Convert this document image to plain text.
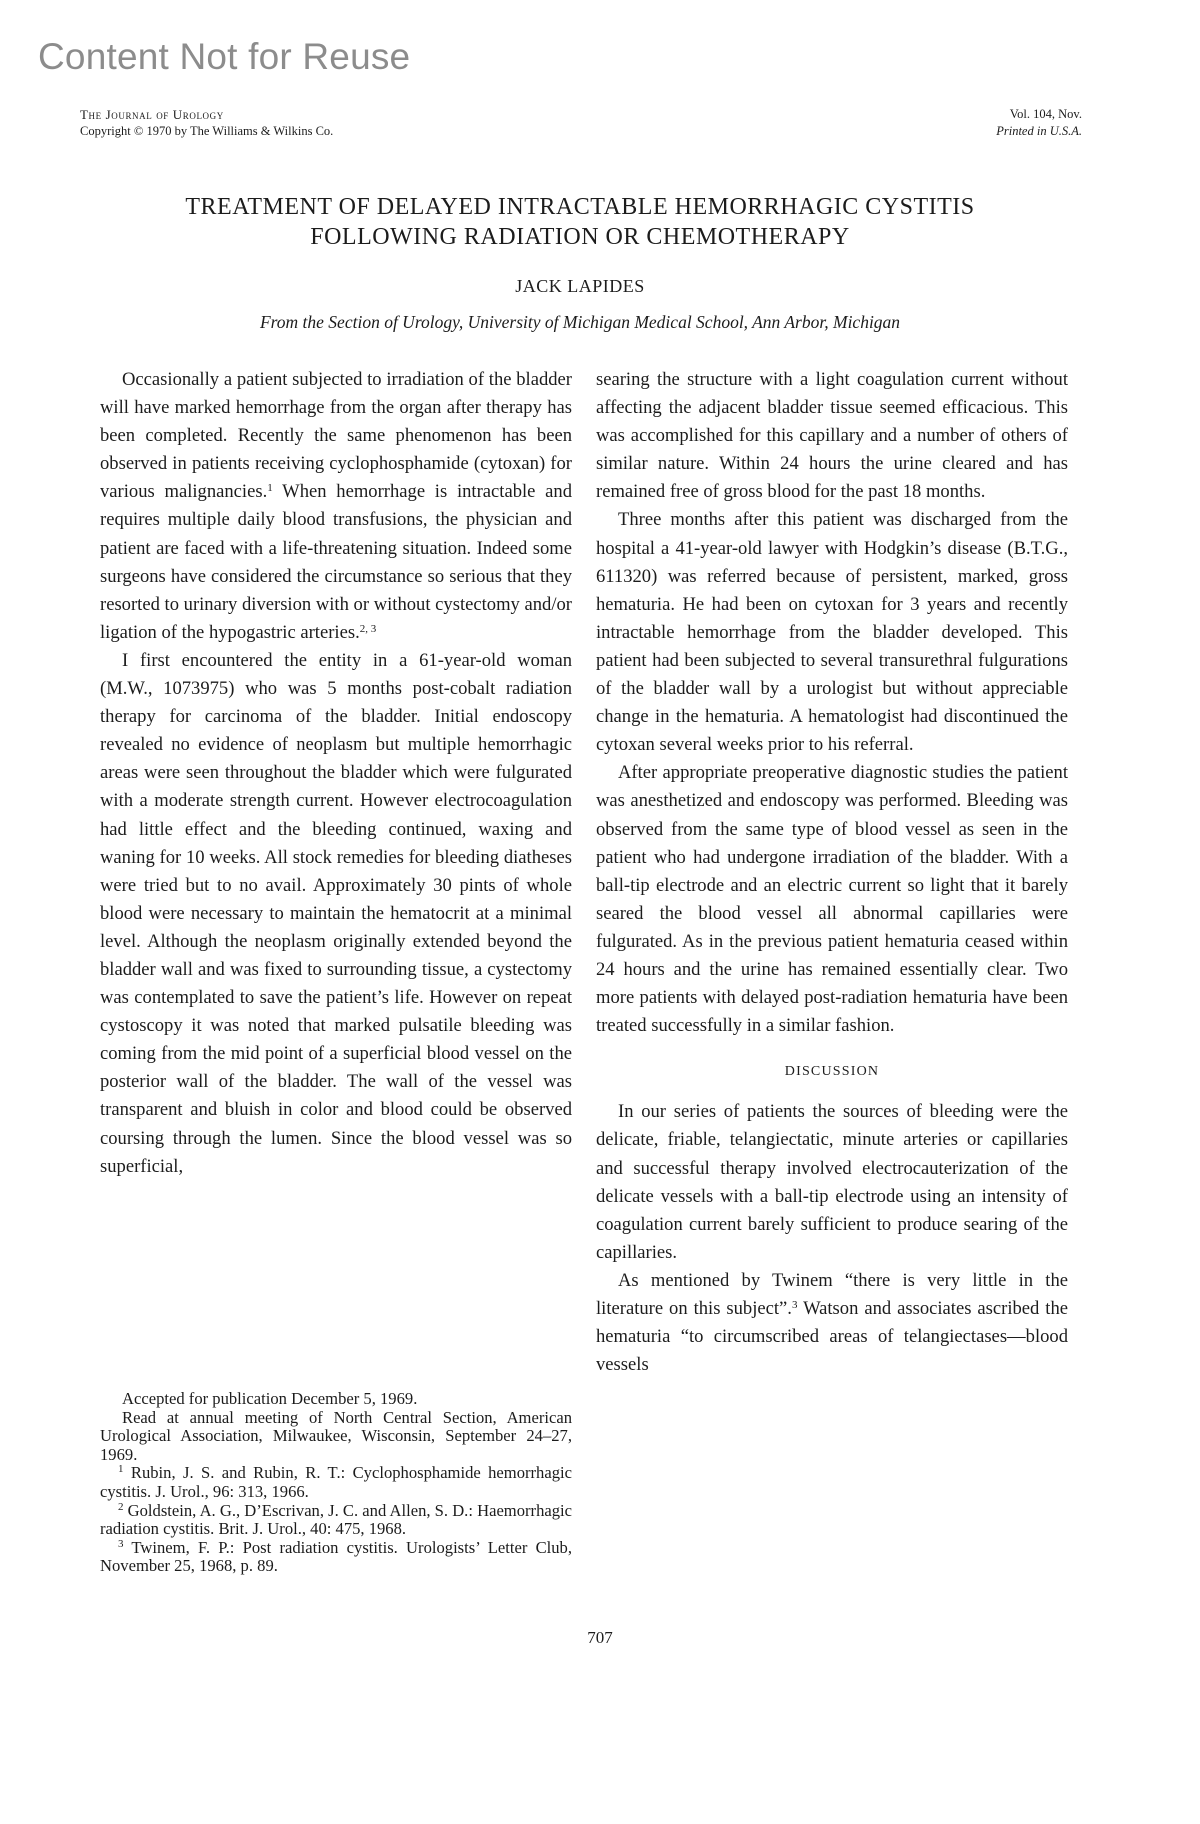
Content Not for Reuse
The Journal of Urology
Copyright © 1970 by The Williams & Wilkins Co.
Vol. 104, Nov.
Printed in U.S.A.
TREATMENT OF DELAYED INTRACTABLE HEMORRHAGIC CYSTITIS
FOLLOWING RADIATION OR CHEMOTHERAPY
JACK LAPIDES
From the Section of Urology, University of Michigan Medical School, Ann Arbor, Michigan

Occasionally a patient subjected to irradiation of the bladder will have marked hemorrhage from the organ after therapy has been completed. Recently the same phenomenon has been observed in patients receiving cyclophosphamide (cytoxan) for various malignancies.$^1$ When hemorrhage is intractable and requires multiple daily blood transfusions, the physician and patient are faced with a life-threatening situation. Indeed some surgeons have considered the circumstance so serious that they resorted to urinary diversion with or without cystectomy and/or ligation of the hypogastric arteries.$^{2, 3}$

I first encountered the entity in a 61-year-old woman (M.W., 1073975) who was 5 months post-cobalt radiation therapy for carcinoma of the bladder. Initial endoscopy revealed no evidence of neoplasm but multiple hemorrhagic areas were seen throughout the bladder which were fulgurated with a moderate strength current. However electrocoagulation had little effect and the bleeding continued, waxing and waning for 10 weeks. All stock remedies for bleeding diatheses were tried but to no avail. Approximately 30 pints of whole blood were necessary to maintain the hematocrit at a minimal level. Although the neoplasm originally extended beyond the bladder wall and was fixed to surrounding tissue, a cystectomy was contemplated to save the patient’s life. However on repeat cystoscopy it was noted that marked pulsatile bleeding was coming from the mid point of a superficial blood vessel on the posterior wall of the bladder. The wall of the vessel was transparent and bluish in color and blood could be observed coursing through the lumen. Since the blood vessel was so superficial,

Accepted for publication December 5, 1969.

Read at annual meeting of North Central Section, American Urological Association, Milwaukee, Wisconsin, September 24–27, 1969.

$^1$ Rubin, J. S. and Rubin, R. T.: Cyclophosphamide hemorrhagic cystitis. J. Urol., 96: 313, 1966.

$^2$ Goldstein, A. G., D’Escrivan, J. C. and Allen, S. D.: Haemorrhagic radiation cystitis. Brit. J. Urol., 40: 475, 1968.

$^3$ Twinem, F. P.: Post radiation cystitis. Urologists’ Letter Club, November 25, 1968, p. 89.

searing the structure with a light coagulation current without affecting the adjacent bladder tissue seemed efficacious. This was accomplished for this capillary and a number of others of similar nature. Within 24 hours the urine cleared and has remained free of gross blood for the past 18 months.

Three months after this patient was discharged from the hospital a 41-year-old lawyer with Hodgkin’s disease (B.T.G., 611320) was referred because of persistent, marked, gross hematuria. He had been on cytoxan for 3 years and recently intractable hemorrhage from the bladder developed. This patient had been subjected to several transurethral fulgurations of the bladder wall by a urologist but without appreciable change in the hematuria. A hematologist had discontinued the cytoxan several weeks prior to his referral.

After appropriate preoperative diagnostic studies the patient was anesthetized and endoscopy was performed. Bleeding was observed from the same type of blood vessel as seen in the patient who had undergone irradiation of the bladder. With a ball-tip electrode and an electric current so light that it barely seared the blood vessel all abnormal capillaries were fulgurated. As in the previous patient hematuria ceased within 24 hours and the urine has remained essentially clear. Two more patients with delayed post-radiation hematuria have been treated successfully in a similar fashion.

DISCUSSION

In our series of patients the sources of bleeding were the delicate, friable, telangiectatic, minute arteries or capillaries and successful therapy involved electrocauterization of the delicate vessels with a ball-tip electrode using an intensity of coagulation current barely sufficient to produce searing of the capillaries.

As mentioned by Twinem “there is very little in the literature on this subject”.$^3$ Watson and associates ascribed the hematuria “to circumscribed areas of telangiectases—blood vessels

707
